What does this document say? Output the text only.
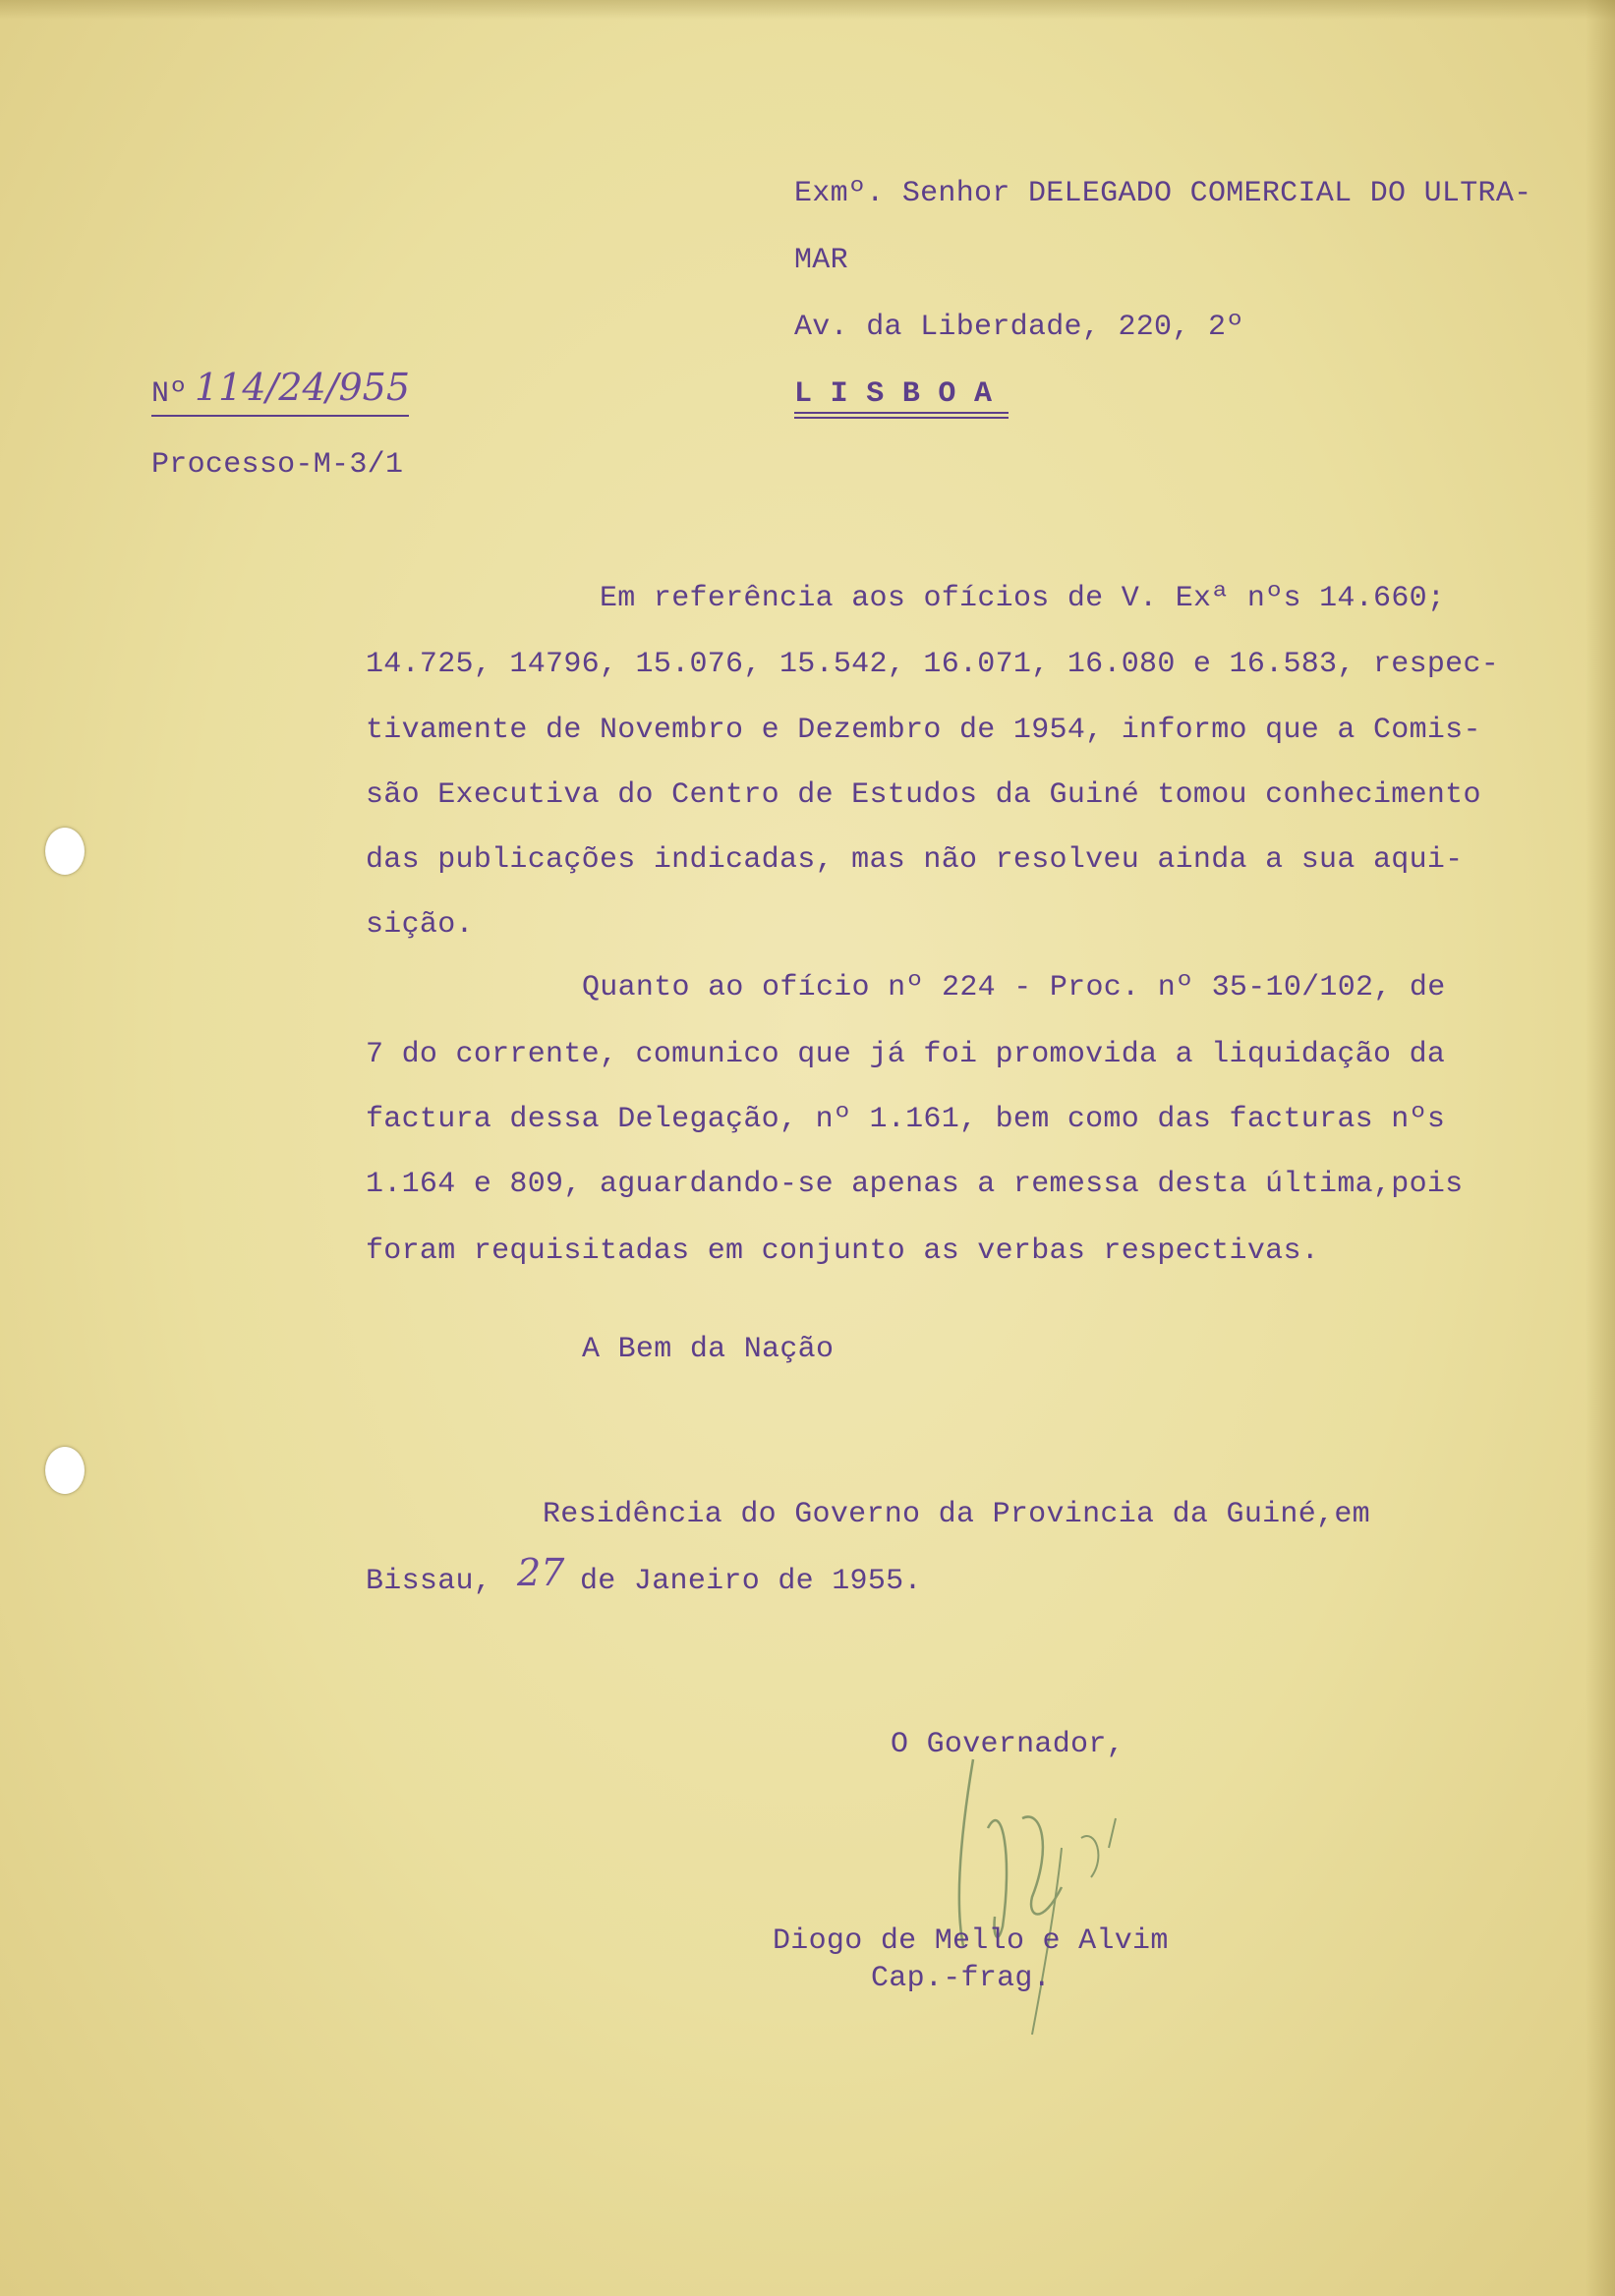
Exmº. Senhor DELEGADO COMERCIAL DO ULTRA-
MAR
Av. da Liberdade, 220, 2º
L I S B O A
Nº 114/24/955
Processo-M-3/1
Em referência aos ofícios de V. Exª nºs 14.660;
14.725, 14796, 15.076, 15.542, 16.071, 16.080 e 16.583, respec-
tivamente de Novembro e Dezembro de 1954, informo que a Comis-
são Executiva do Centro de Estudos da Guiné tomou conhecimento
das publicações indicadas, mas não resolveu ainda a sua aqui-
sição.
Quanto ao ofício nº 224 - Proc. nº 35-10/102, de
7 do corrente, comunico que já foi promovida a liquidação da
factura dessa Delegação, nº 1.161, bem como das facturas nºs
1.164 e 809, aguardando-se apenas a remessa desta última,pois
foram requisitadas em conjunto as verbas respectivas.
A Bem da Nação
Residência do Governo da Provincia da Guiné,em
Bissau, 27 de Janeiro de 1955.
O Governador,
Diogo de Mello e Alvim
Cap.-frag.
